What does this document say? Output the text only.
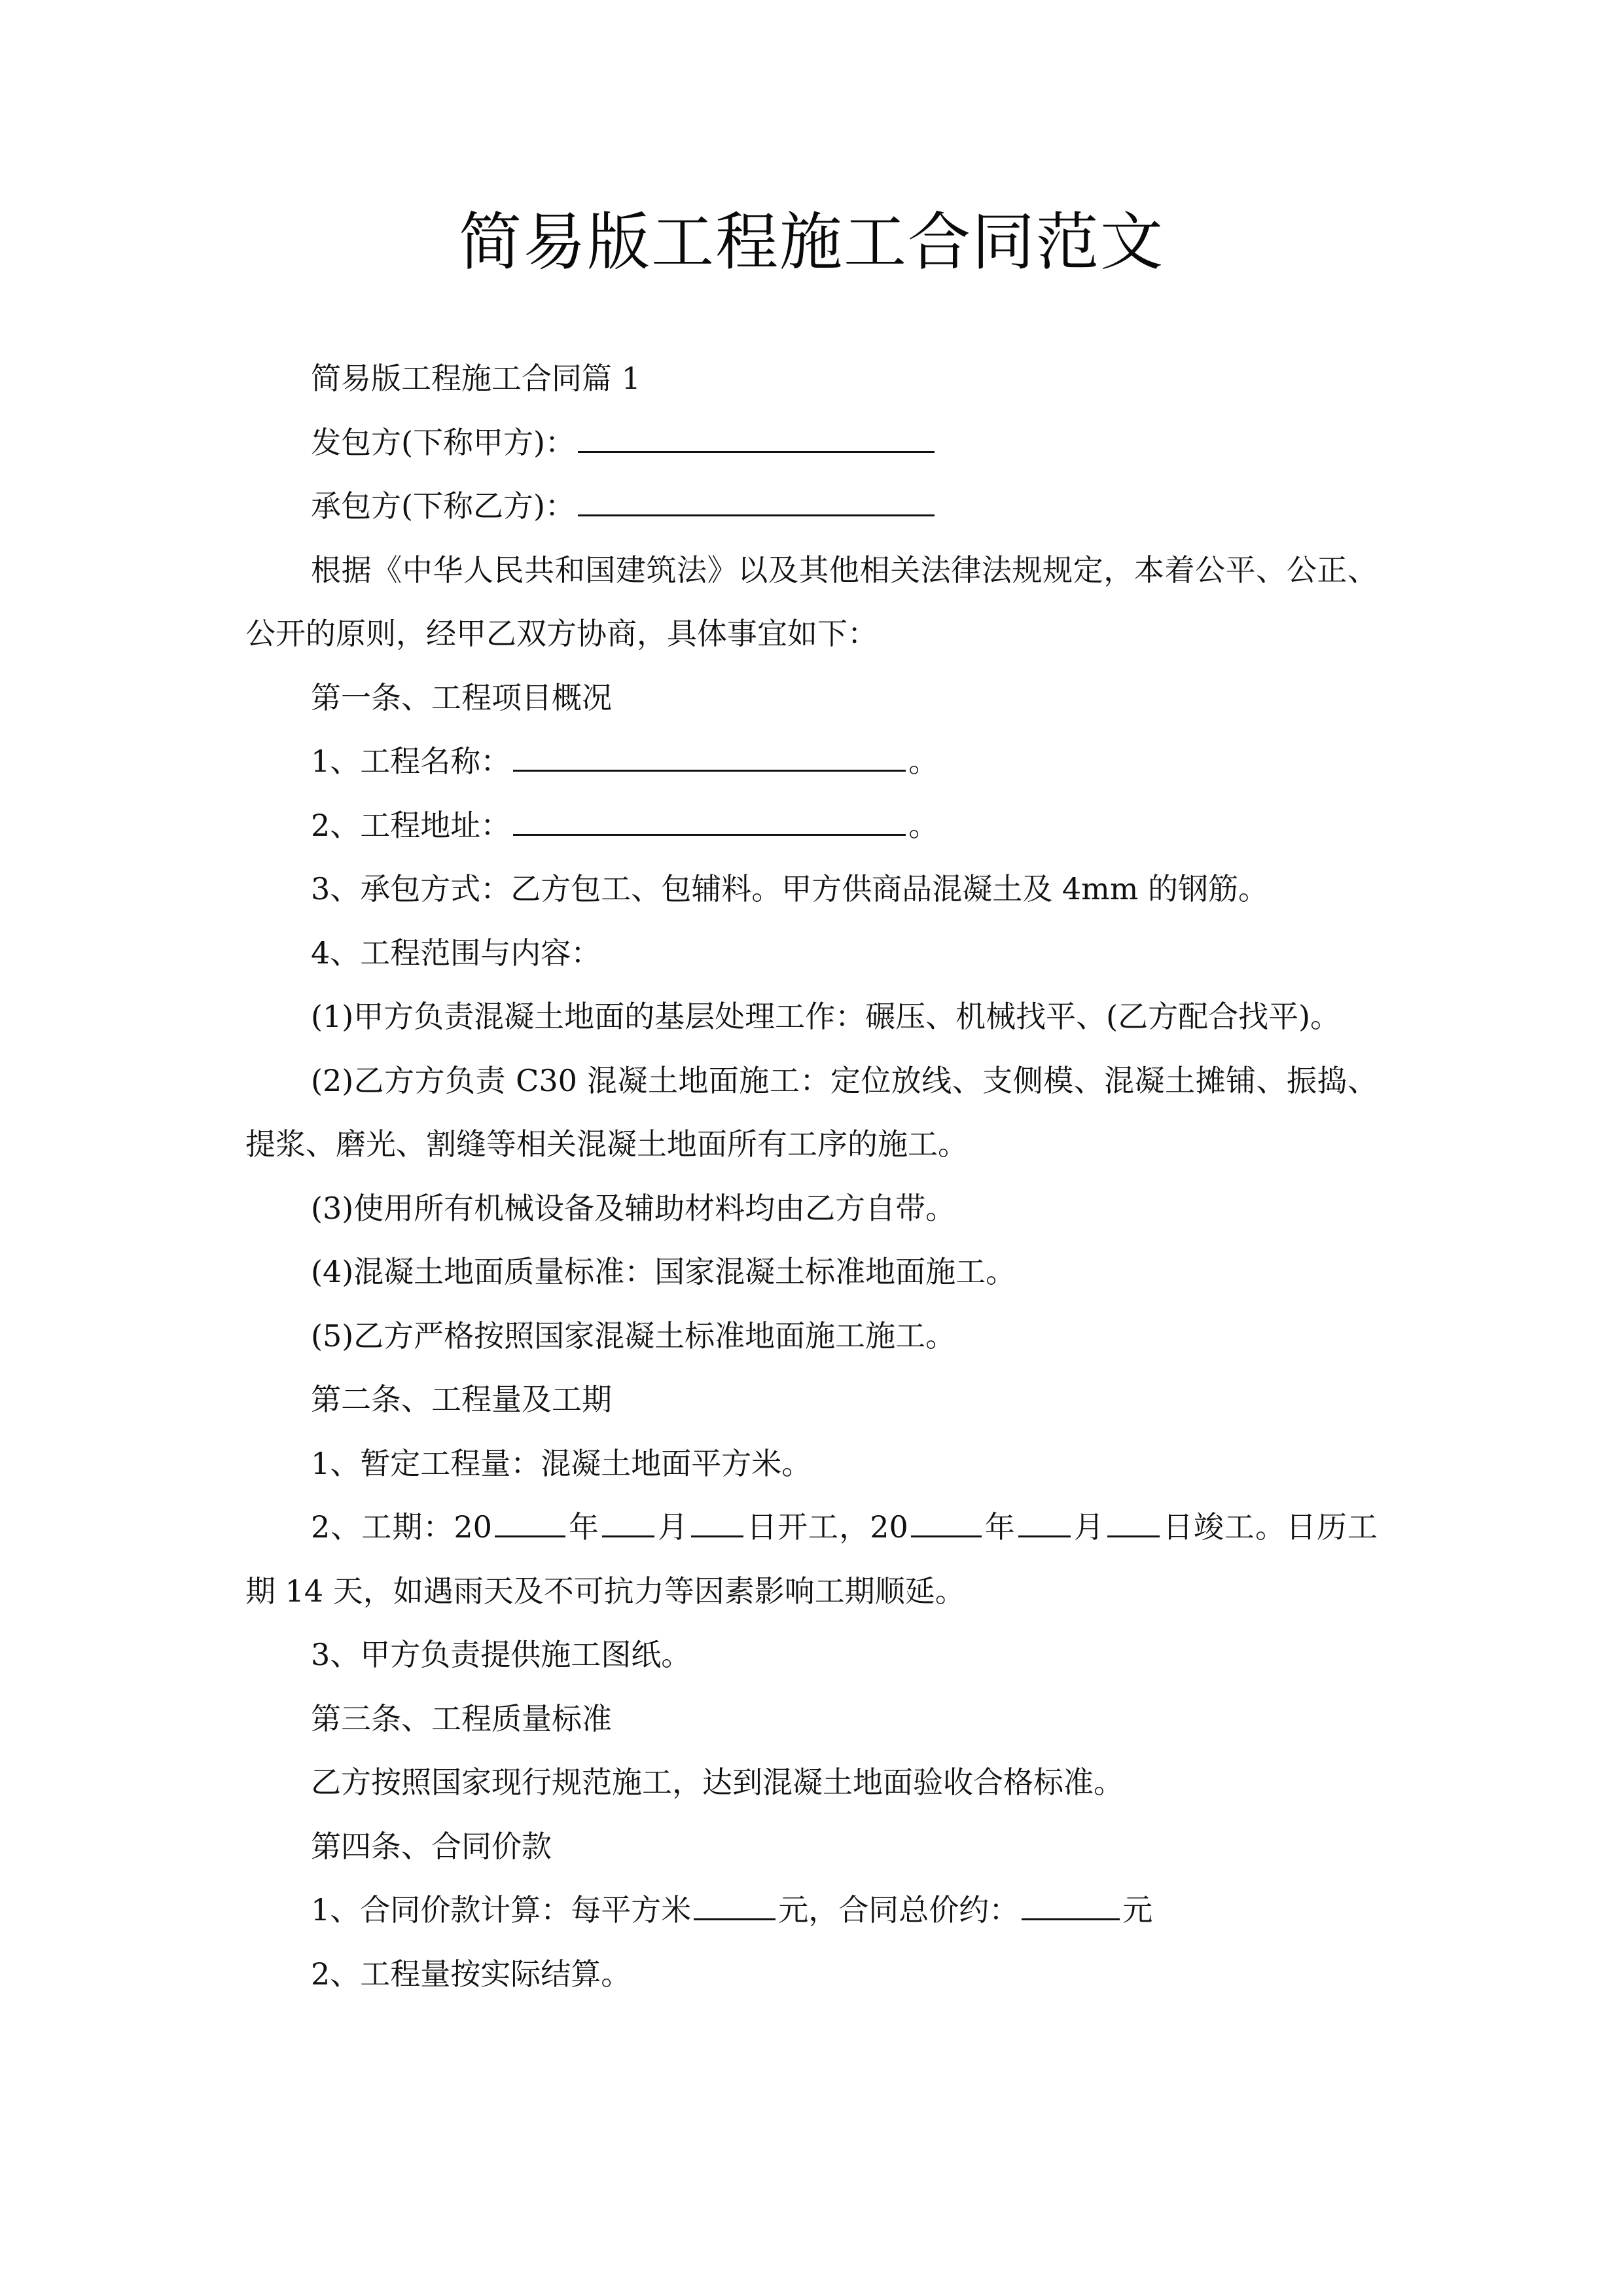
简易版工程施工合同范文

简易版工程施工合同篇 1

发包方(下称甲方)：

承包方(下称乙方)：

根据《中华人民共和国建筑法》以及其他相关法律法规规定，本着公平、公正、公开的原则，经甲乙双方协商，具体事宜如下：

第一条、工程项目概况

1、工程名称：	。

2、工程地址：	。

3、承包方式：乙方包工、包辅料。甲方供商品混凝土及 4mm 的钢筋。

4、工程范围与内容：

(1)甲方负责混凝土地面的基层处理工作：碾压、机械找平、(乙方配合找平)。

(2)乙方方负责 C30 混凝土地面施工：定位放线、支侧模、混凝土摊铺、振捣、提浆、磨光、割缝等相关混凝土地面所有工序的施工。

(3)使用所有机械设备及辅助材料均由乙方自带。

(4)混凝土地面质量标准：国家混凝土标准地面施工。

(5)乙方严格按照国家混凝土标准地面施工施工。

第二条、工程量及工期

1、暂定工程量：混凝土地面平方米。

2、工期：20	年 月 日开工，20	年 月 日竣工。日历工期 14 天，如遇雨天及不可抗力等因素影响工期顺延。

3、甲方负责提供施工图纸。

第三条、工程质量标准

乙方按照国家现行规范施工，达到混凝土地面验收合格标准。

第四条、合同价款

1、合同价款计算：每平方米	元，合同总价约：	元

2、工程量按实际结算。
